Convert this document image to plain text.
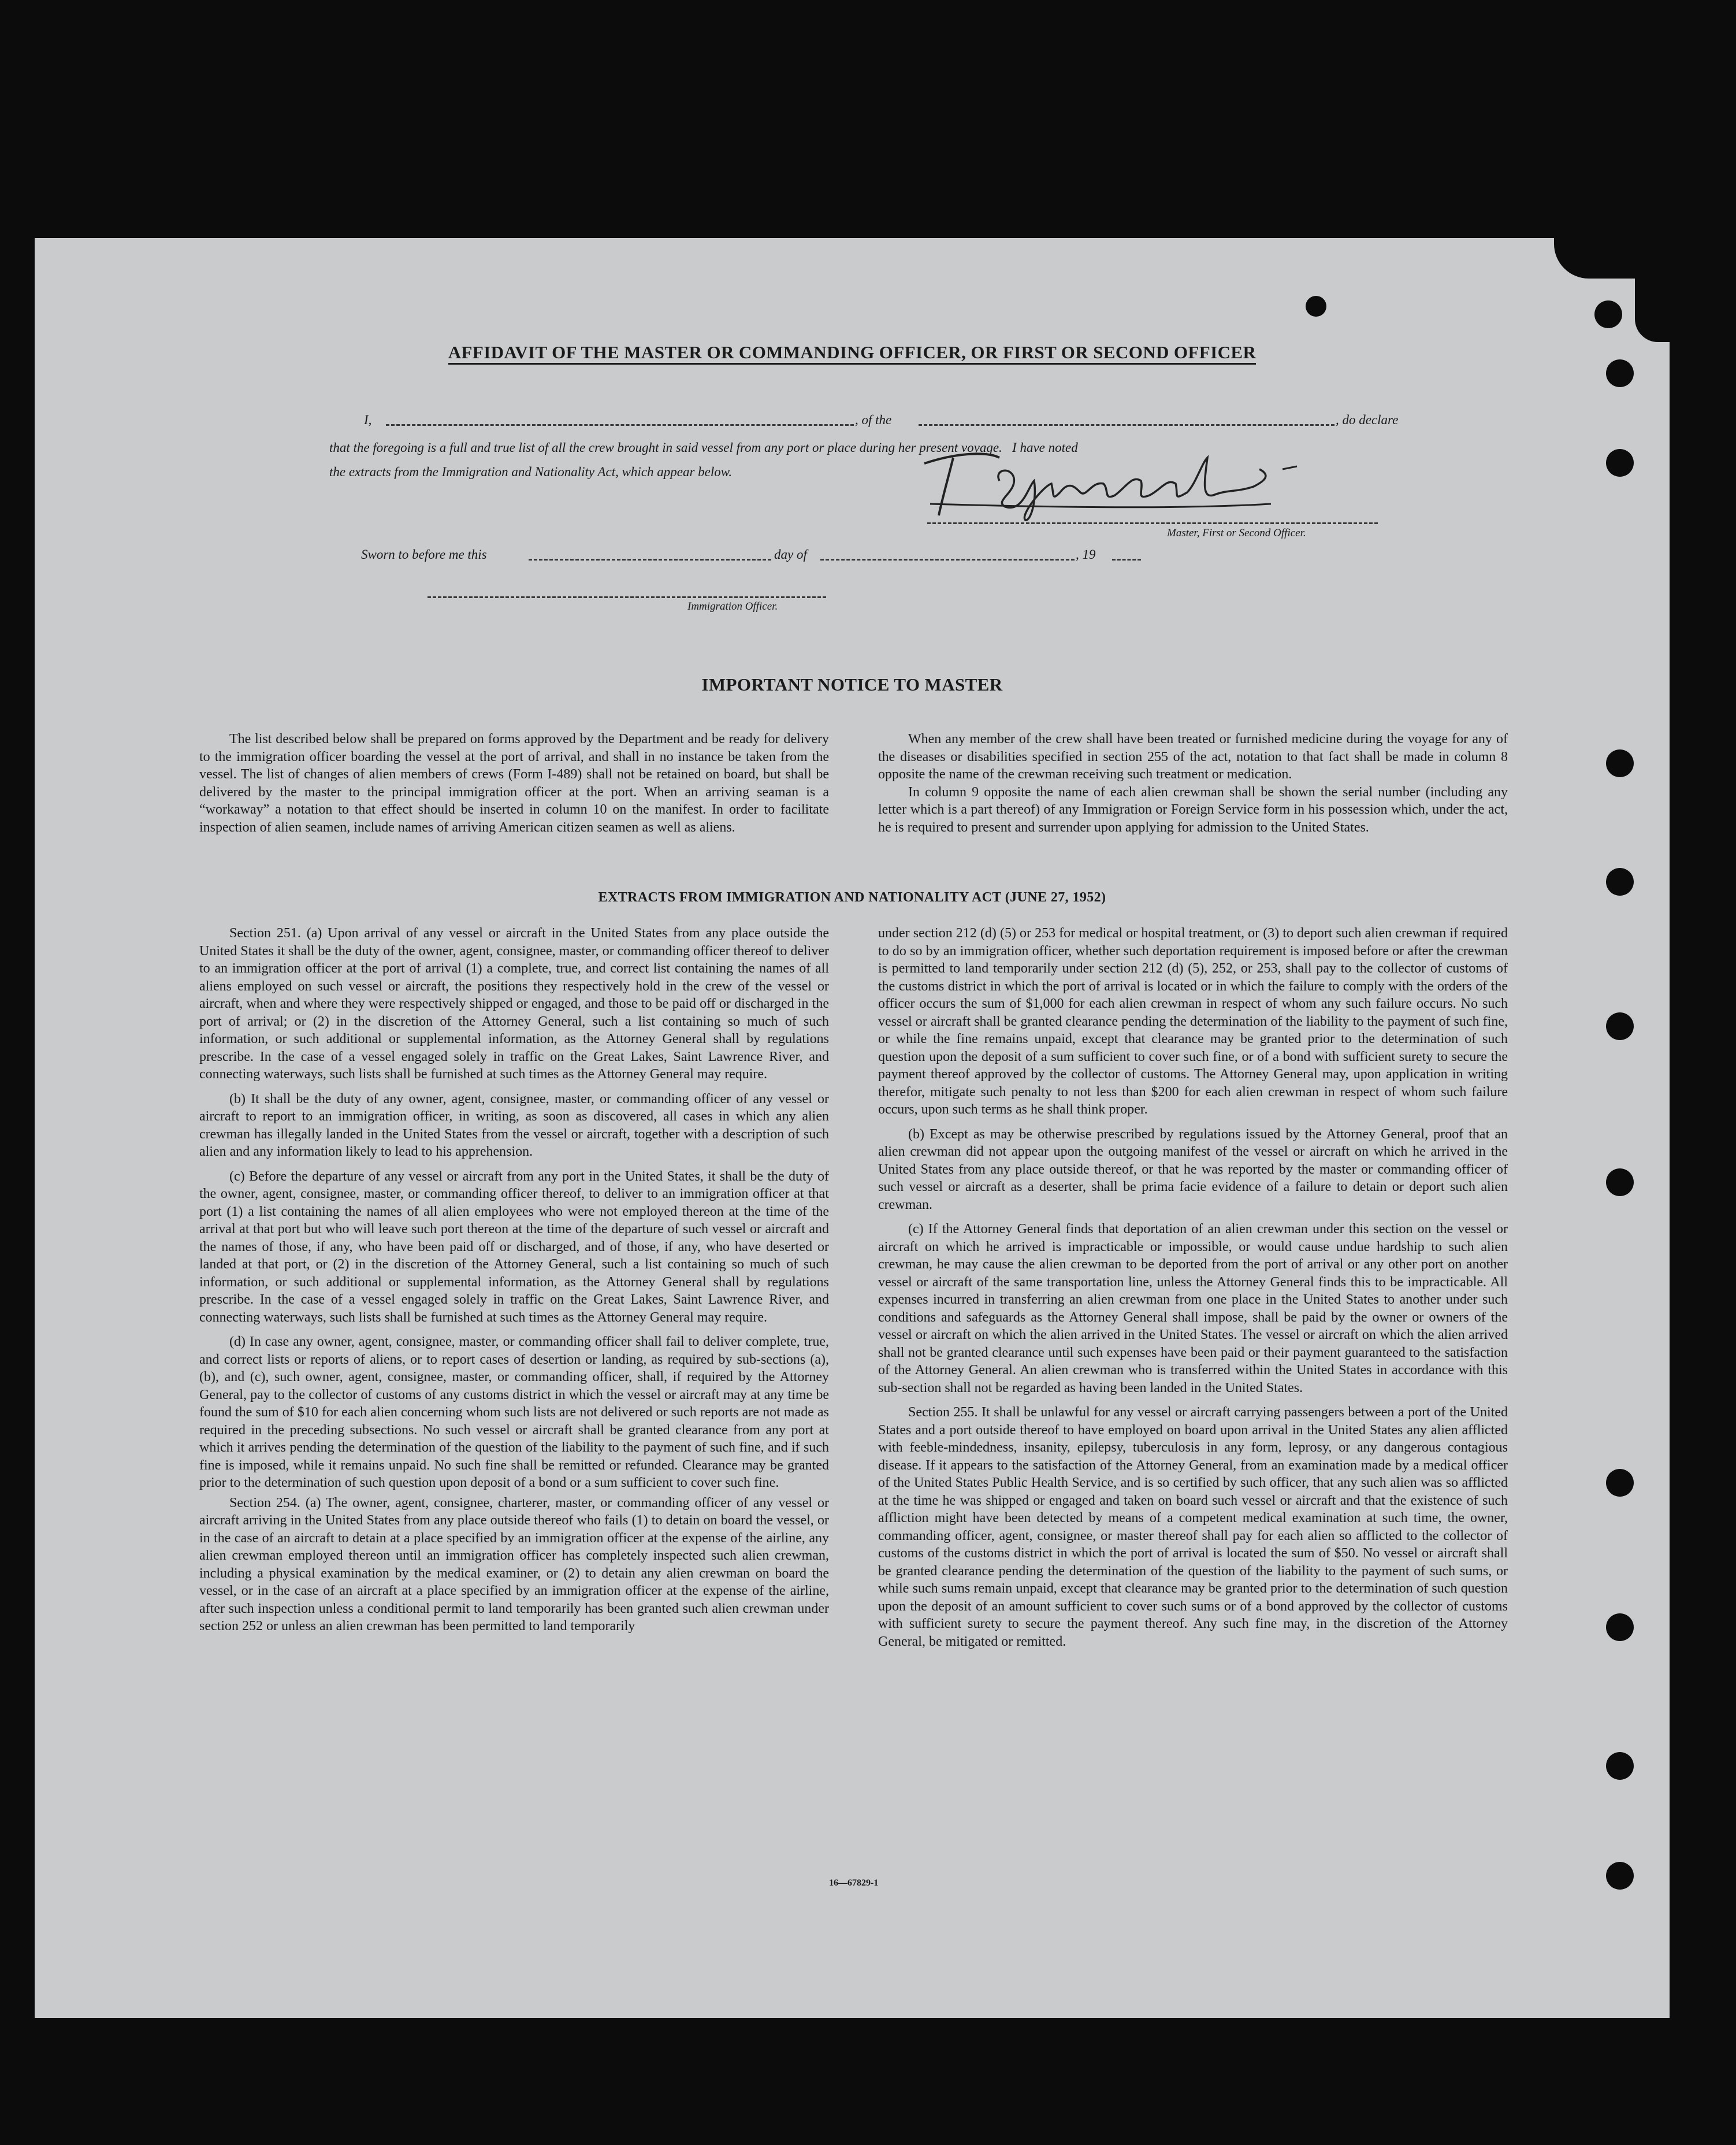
AFFIDAVIT OF THE MASTER OR COMMANDING OFFICER, OR FIRST OR SECOND OFFICER
I,	, of the	, do declare
that the foregoing is a full and true list of all the crew brought in said vessel from any port or place during her present voyage.   I have noted
the extracts from the Immigration and Nationality Act, which appear below.
Master, First or Second Officer.
Sworn to before me this	day of	, 19
Immigration Officer.
IMPORTANT NOTICE TO MASTER

The list described below shall be prepared on forms approved by the Department and be ready for delivery to the immigration officer boarding the vessel at the port of arrival, and shall in no instance be taken from the vessel. The list of changes of alien members of crews (Form I-489) shall not be retained on board, but shall be delivered by the master to the principal immigration officer at the port. When an arriving seaman is a “workaway” a notation to that effect should be inserted in column 10 on the manifest. In order to facilitate inspection of alien seamen, include names of arriving American citizen seamen as well as aliens.

When any member of the crew shall have been treated or furnished medicine during the voyage for any of the diseases or disabilities specified in section 255 of the act, notation to that fact shall be made in column 8 opposite the name of the crewman receiving such treatment or medication.

In column 9 opposite the name of each alien crewman shall be shown the serial number (including any letter which is a part thereof) of any Immigration or Foreign Service form in his possession which, under the act, he is required to present and surrender upon applying for admission to the United States.

EXTRACTS FROM IMMIGRATION AND NATIONALITY ACT (JUNE 27, 1952)

Section 251. (a) Upon arrival of any vessel or aircraft in the United States from any place outside the United States it shall be the duty of the owner, agent, consignee, master, or commanding officer thereof to deliver to an immigration officer at the port of arrival (1) a complete, true, and correct list containing the names of all aliens employed on such vessel or aircraft, the positions they respectively hold in the crew of the vessel or aircraft, when and where they were respectively shipped or engaged, and those to be paid off or discharged in the port of arrival; or (2) in the discretion of the Attorney General, such a list containing so much of such information, or such additional or supplemental information, as the Attorney General shall by regulations prescribe. In the case of a vessel engaged solely in traffic on the Great Lakes, Saint Lawrence River, and connecting waterways, such lists shall be furnished at such times as the Attorney General may require.

(b) It shall be the duty of any owner, agent, consignee, master, or commanding officer of any vessel or aircraft to report to an immigration officer, in writing, as soon as discovered, all cases in which any alien crewman has illegally landed in the United States from the vessel or aircraft, together with a description of such alien and any information likely to lead to his apprehension.

(c) Before the departure of any vessel or aircraft from any port in the United States, it shall be the duty of the owner, agent, consignee, master, or commanding officer thereof, to deliver to an immigration officer at that port (1) a list containing the names of all alien employees who were not employed thereon at the time of the arrival at that port but who will leave such port thereon at the time of the departure of such vessel or aircraft and the names of those, if any, who have been paid off or discharged, and of those, if any, who have deserted or landed at that port, or (2) in the discretion of the Attorney General, such a list containing so much of such information, or such additional or supplemental information, as the Attorney General shall by regulations prescribe. In the case of a vessel engaged solely in traffic on the Great Lakes, Saint Lawrence River, and connecting waterways, such lists shall be furnished at such times as the Attorney General may require.

(d) In case any owner, agent, consignee, master, or commanding officer shall fail to deliver complete, true, and correct lists or reports of aliens, or to report cases of desertion or landing, as required by sub-sections (a), (b), and (c), such owner, agent, consignee, master, or commanding officer, shall, if required by the Attorney General, pay to the collector of customs of any customs district in which the vessel or aircraft may at any time be found the sum of $10 for each alien concerning whom such lists are not delivered or such reports are not made as required in the preceding subsections. No such vessel or aircraft shall be granted clearance from any port at which it arrives pending the determination of the question of the liability to the payment of such fine, and if such fine is imposed, while it remains unpaid. No such fine shall be remitted or refunded. Clearance may be granted prior to the determination of such question upon deposit of a bond or a sum sufficient to cover such fine.

Section 254. (a) The owner, agent, consignee, charterer, master, or commanding officer of any vessel or aircraft arriving in the United States from any place outside thereof who fails (1) to detain on board the vessel, or in the case of an aircraft to detain at a place specified by an immigration officer at the expense of the airline, any alien crewman employed thereon until an immigration officer has completely inspected such alien crewman, including a physical examination by the medical examiner, or (2) to detain any alien crewman on board the vessel, or in the case of an aircraft at a place specified by an immigration officer at the expense of the airline, after such inspection unless a conditional permit to land temporarily has been granted such alien crewman under section 252 or unless an alien crewman has been permitted to land temporarily

under section 212 (d) (5) or 253 for medical or hospital treatment, or (3) to deport such alien crewman if required to do so by an immigration officer, whether such deportation requirement is imposed before or after the crewman is permitted to land temporarily under section 212 (d) (5), 252, or 253, shall pay to the collector of customs of the customs district in which the port of arrival is located or in which the failure to comply with the orders of the officer occurs the sum of $1,000 for each alien crewman in respect of whom any such failure occurs. No such vessel or aircraft shall be granted clearance pending the determination of the liability to the payment of such fine, or while the fine remains unpaid, except that clearance may be granted prior to the determination of such question upon the deposit of a sum sufficient to cover such fine, or of a bond with sufficient surety to secure the payment thereof approved by the collector of customs. The Attorney General may, upon application in writing therefor, mitigate such penalty to not less than $200 for each alien crewman in respect of whom such failure occurs, upon such terms as he shall think proper.

(b) Except as may be otherwise prescribed by regulations issued by the Attorney General, proof that an alien crewman did not appear upon the outgoing manifest of the vessel or aircraft on which he arrived in the United States from any place outside thereof, or that he was reported by the master or commanding officer of such vessel or aircraft as a deserter, shall be prima facie evidence of a failure to detain or deport such alien crewman.

(c) If the Attorney General finds that deportation of an alien crewman under this section on the vessel or aircraft on which he arrived is impracticable or impossible, or would cause undue hardship to such alien crewman, he may cause the alien crewman to be deported from the port of arrival or any other port on another vessel or aircraft of the same transportation line, unless the Attorney General finds this to be impracticable. All expenses incurred in transferring an alien crewman from one place in the United States to another under such conditions and safeguards as the Attorney General shall impose, shall be paid by the owner or owners of the vessel or aircraft on which the alien arrived in the United States. The vessel or aircraft on which the alien arrived shall not be granted clearance until such expenses have been paid or their payment guaranteed to the satisfaction of the Attorney General. An alien crewman who is transferred within the United States in accordance with this sub-section shall not be regarded as having been landed in the United States.

Section 255. It shall be unlawful for any vessel or aircraft carrying passengers between a port of the United States and a port outside thereof to have employed on board upon arrival in the United States any alien afflicted with feeble-mindedness, insanity, epilepsy, tuberculosis in any form, leprosy, or any dangerous contagious disease. If it appears to the satisfaction of the Attorney General, from an examination made by a medical officer of the United States Public Health Service, and is so certified by such officer, that any such alien was so afflicted at the time he was shipped or engaged and taken on board such vessel or aircraft and that the existence of such affliction might have been detected by means of a competent medical examination at such time, the owner, commanding officer, agent, consignee, or master thereof shall pay for each alien so afflicted to the collector of customs of the customs district in which the port of arrival is located the sum of $50. No vessel or aircraft shall be granted clearance pending the determination of the question of the liability to the payment of such sums, or while such sums remain unpaid, except that clearance may be granted prior to the determination of such question upon the deposit of an amount sufficient to cover such sums or of a bond approved by the collector of customs with sufficient surety to secure the payment thereof. Any such fine may, in the discretion of the Attorney General, be mitigated or remitted.

16—67829-1
